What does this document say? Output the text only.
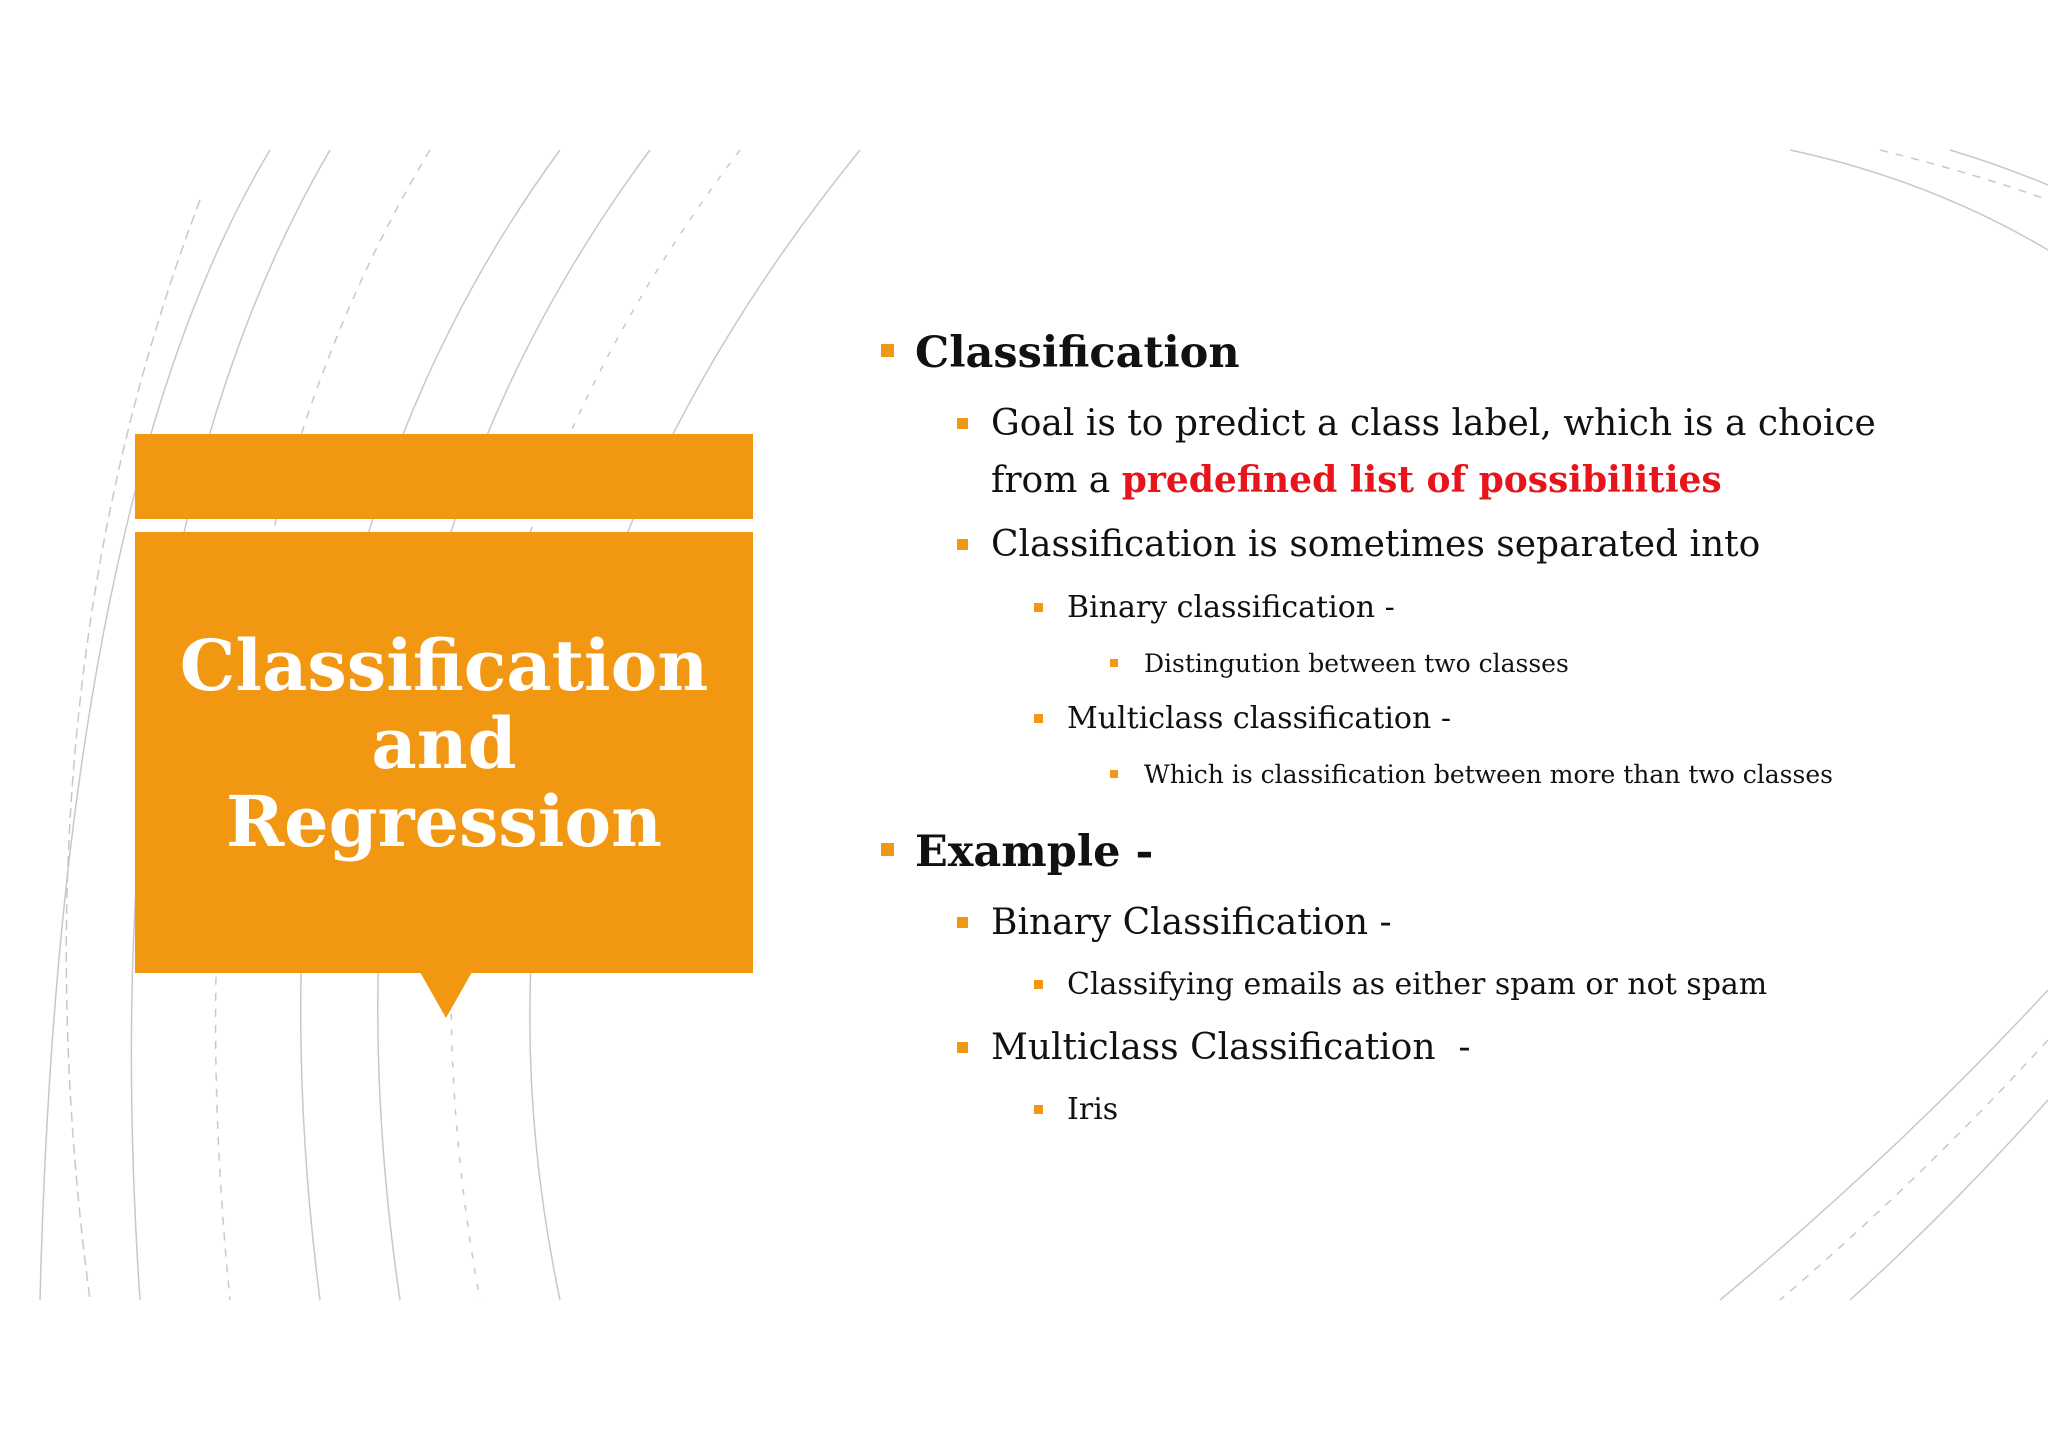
Classification
and
Regression
Classification
Goal is to predict a class label, which is a choice
from a predefined list of possibilities
Classification is sometimes separated into
Binary classification -
Distingution between two classes
Multiclass classification -
Which is classification between more than two classes
Example -
Binary Classification -
Classifying emails as either spam or not spam
Multiclass Classification  -
Iris
